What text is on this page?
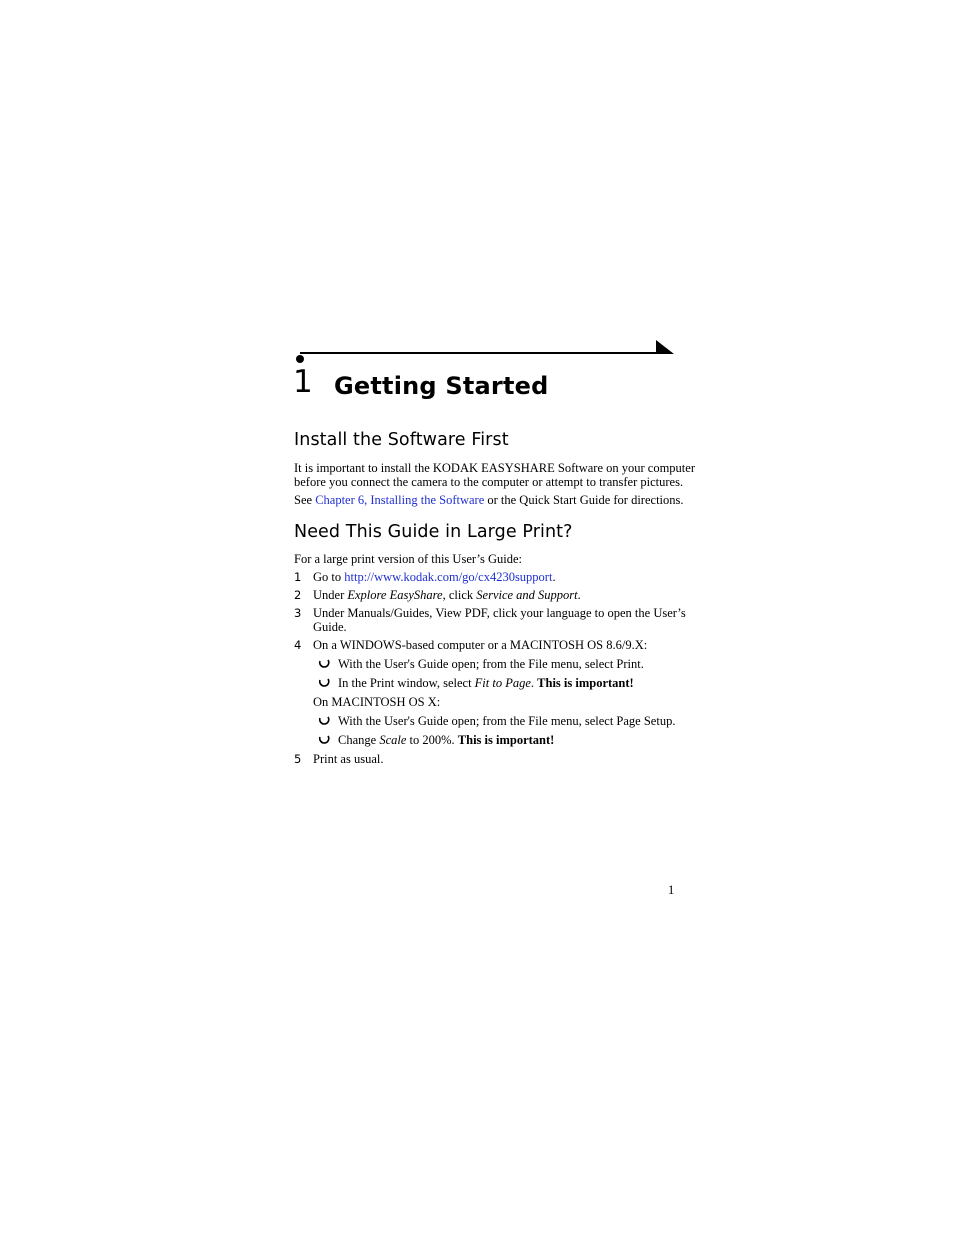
1 Getting Started
Install the Software First
It is important to install the KODAK EASYSHARE Software on your computer
before you connect the camera to the computer or attempt to transfer pictures.
See Chapter 6, Installing the Software or the Quick Start Guide for directions.
Need This Guide in Large Print?
For a large print version of this User’s Guide:
1 Go to http://www.kodak.com/go/cx4230support.
2 Under Explore EasyShare, click Service and Support.
3 Under Manuals/Guides, View PDF, click your language to open the User’s
Guide.
4 On a WINDOWS-based computer or a MACINTOSH OS 8.6/9.X:
With the User's Guide open; from the File menu, select Print.
In the Print window, select Fit to Page. This is important!
On MACINTOSH OS X:
With the User's Guide open; from the File menu, select Page Setup.
Change Scale to 200%. This is important!
5 Print as usual.
1
